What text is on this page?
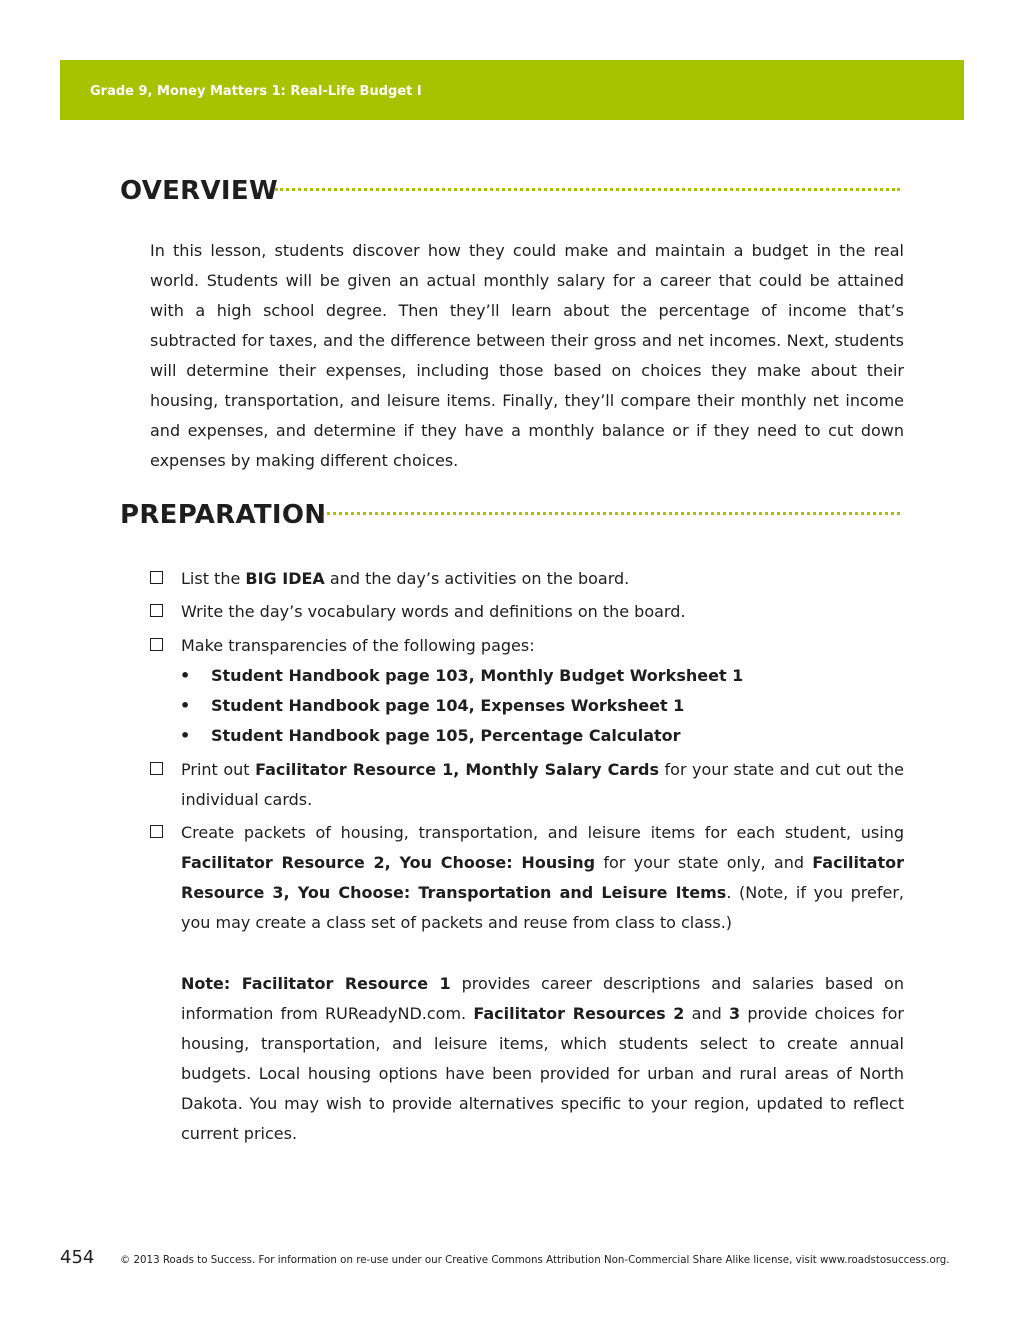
Grade 9, Money Matters 1: Real-Life Budget I
OVERVIEW

In this lesson, students discover how they could make and maintain a budget in the real world. Students will be given an actual monthly salary for a career that could be attained with a high school degree. Then they’ll learn about the percentage of income that’s subtracted for taxes, and the difference between their gross and net incomes. Next, students will determine their expenses, including those based on choices they make about their housing, transportation, and leisure items. Finally, they’ll compare their monthly net income and expenses, and determine if they have a monthly balance or if they need to cut down expenses by making different choices.

PREPARATION
List the BIG IDEA and the day’s activities on the board.
Write the day’s vocabulary words and definitions on the board.
Make transparencies of the following pages:
• Student Handbook page 103, Monthly Budget Worksheet 1
• Student Handbook page 104, Expenses Worksheet 1
• Student Handbook page 105, Percentage Calculator
Print out Facilitator Resource 1, Monthly Salary Cards for your state and cut out the individual cards.
Create packets of housing, transportation, and leisure items for each student, using Facilitator Resource 2, You Choose: Housing for your state only, and Facilitator Resource 3, You Choose: Transportation and Leisure Items. (Note, if you prefer, you may create a class set of packets and reuse from class to class.)
Note: Facilitator Resource 1 provides career descriptions and salaries based on information from RUReadyND.com. Facilitator Resources 2 and 3 provide choices for housing, transportation, and leisure items, which students select to create annual budgets. Local housing options have been provided for urban and rural areas of North Dakota. You may wish to provide alternatives specific to your region, updated to reflect current prices.
454	© 2013 Roads to Success. For information on re-use under our Creative Commons Attribution Non-Commercial Share Alike license, visit www.roadstosuccess.org.
